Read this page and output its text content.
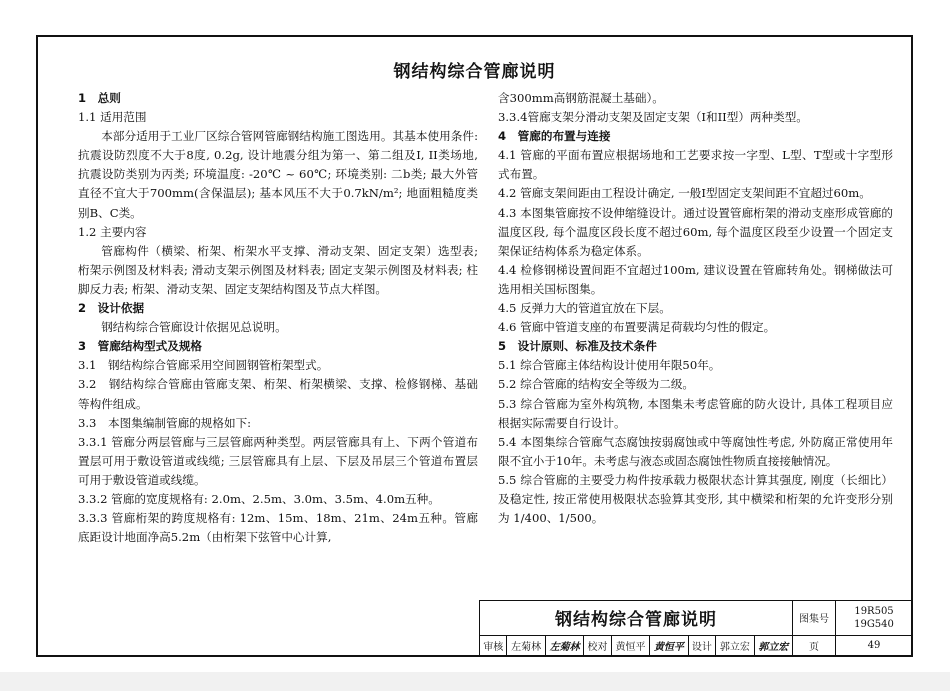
钢结构综合管廊说明

1　总则

1.1 适用范围

本部分适用于工业厂区综合管网管廊钢结构施工图选用。其基本使用条件: 抗震设防烈度不大于8度, 0.2g, 设计地震分组为第一、第二组及I, II类场地, 抗震设防类别为丙类; 环境温度: -20℃ ~ 60℃; 环境类别: 二b类; 最大外管直径不宜大于700mm(含保温层); 基本风压不大于0.7kN/m²; 地面粗糙度类别B、C类。

1.2 主要内容

管廊构件（横梁、桁架、桁架水平支撑、滑动支架、固定支架）选型表; 桁架示例图及材料表; 滑动支架示例图及材料表; 固定支架示例图及材料表; 柱脚反力表; 桁架、滑动支架、固定支架结构图及节点大样图。

2　设计依据

钢结构综合管廊设计依据见总说明。

3　管廊结构型式及规格

3.1　钢结构综合管廊采用空间圆钢管桁架型式。

3.2　钢结构综合管廊由管廊支架、桁架、桁架横梁、支撑、检修钢梯、基础等构件组成。

3.3　本图集编制管廊的规格如下:

3.3.1 管廊分两层管廊与三层管廊两种类型。两层管廊具有上、下两个管道布置层可用于敷设管道或线缆; 三层管廊具有上层、下层及吊层三个管道布置层可用于敷设管道或线缆。

3.3.2 管廊的宽度规格有: 2.0m、2.5m、3.0m、3.5m、4.0m五种。

3.3.3 管廊桁架的跨度规格有: 12m、15m、18m、21m、24m五种。管廊底距设计地面净高5.2m（由桁架下弦管中心计算,

含300mm高钢筋混凝土基础）。

3.3.4管廊支架分滑动支架及固定支架（I和II型）两种类型。

4　管廊的布置与连接

4.1 管廊的平面布置应根据场地和工艺要求按一字型、L型、T型或十字型形式布置。

4.2 管廊支架间距由工程设计确定, 一般I型固定支架间距不宜超过60m。

4.3 本图集管廊按不设伸缩缝设计。通过设置管廊桁架的滑动支座形成管廊的温度区段, 每个温度区段长度不超过60m, 每个温度区段至少设置一个固定支架保证结构体系为稳定体系。

4.4 检修钢梯设置间距不宜超过100m, 建议设置在管廊转角处。钢梯做法可选用相关国标图集。

4.5 反弹力大的管道宜放在下层。

4.6 管廊中管道支座的布置要满足荷载均匀性的假定。

5　设计原则、标准及技术条件

5.1 综合管廊主体结构设计使用年限50年。

5.2 综合管廊的结构安全等级为二级。

5.3 综合管廊为室外构筑物, 本图集未考虑管廊的防火设计, 具体工程项目应根据实际需要自行设计。

5.4 本图集综合管廊气态腐蚀按弱腐蚀或中等腐蚀性考虑, 外防腐正常使用年限不宜小于10年。未考虑与液态或固态腐蚀性物质直接接触情况。

5.5 综合管廊的主要受力构件按承载力极限状态计算其强度, 刚度（长细比）及稳定性, 按正常使用极限状态验算其变形, 其中横梁和桁架的允许变形分别为 1/400、1/500。

钢结构综合管廊说明									图集号	19R505
19G540

审核	左菊林	左菊林	校对	黄恒平	黄恒平	设计	郭立宏	郭立宏	页	49
